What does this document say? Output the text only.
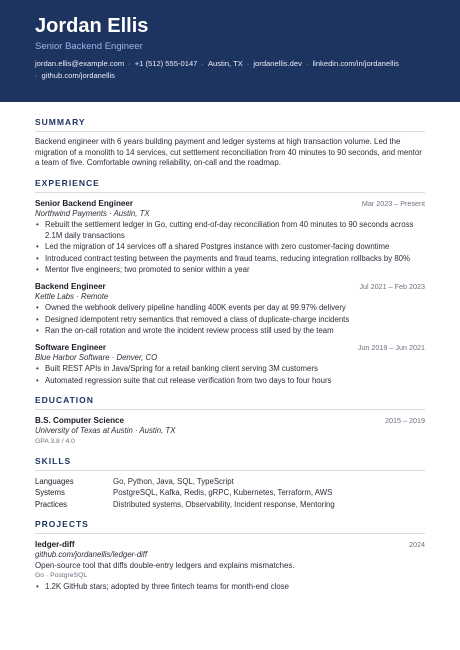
Jordan Ellis
Senior Backend Engineer
jordan.ellis@example.com · +1 (512) 555-0147 · Austin, TX · jordanellis.dev · linkedin.com/in/jordanellis
· github.com/jordanellis
SUMMARY
Backend engineer with 6 years building payment and ledger systems at high transaction volume. Led the migration of a monolith to 14 services, cut settlement reconciliation from 40 minutes to 90 seconds, and mentor a team of five. Comfortable owning reliability, on-call and the roadmap.
EXPERIENCE
Senior Backend Engineer	Mar 2023 – Present
Northwind Payments · Austin, TX
• Rebuilt the settlement ledger in Go, cutting end-of-day reconciliation from 40 minutes to 90 seconds across 2.1M daily transactions
• Led the migration of 14 services off a shared Postgres instance with zero customer-facing downtime
• Introduced contract testing between the payments and fraud teams, reducing integration rollbacks by 80%
• Mentor five engineers; two promoted to senior within a year
Backend Engineer	Jul 2021 – Feb 2023
Kettle Labs · Remote
• Owned the webhook delivery pipeline handling 400K events per day at 99.97% delivery
• Designed idempotent retry semantics that removed a class of duplicate-charge incidents
• Ran the on-call rotation and wrote the incident review process still used by the team
Software Engineer	Jun 2019 – Jun 2021
Blue Harbor Software · Denver, CO
• Built REST APIs in Java/Spring for a retail banking client serving 3M customers
• Automated regression suite that cut release verification from two days to four hours
EDUCATION
B.S. Computer Science	2015 – 2019
University of Texas at Austin · Austin, TX
GPA 3.8 / 4.0
SKILLS
Languages	Go, Python, Java, SQL, TypeScript
Systems	PostgreSQL, Kafka, Redis, gRPC, Kubernetes, Terraform, AWS
Practices	Distributed systems, Observability, Incident response, Mentoring
PROJECTS
ledger-diff	2024
github.com/jordanellis/ledger-diff
Open-source tool that diffs double-entry ledgers and explains mismatches.
Go · PostgreSQL
• 1.2K GitHub stars; adopted by three fintech teams for month-end close
